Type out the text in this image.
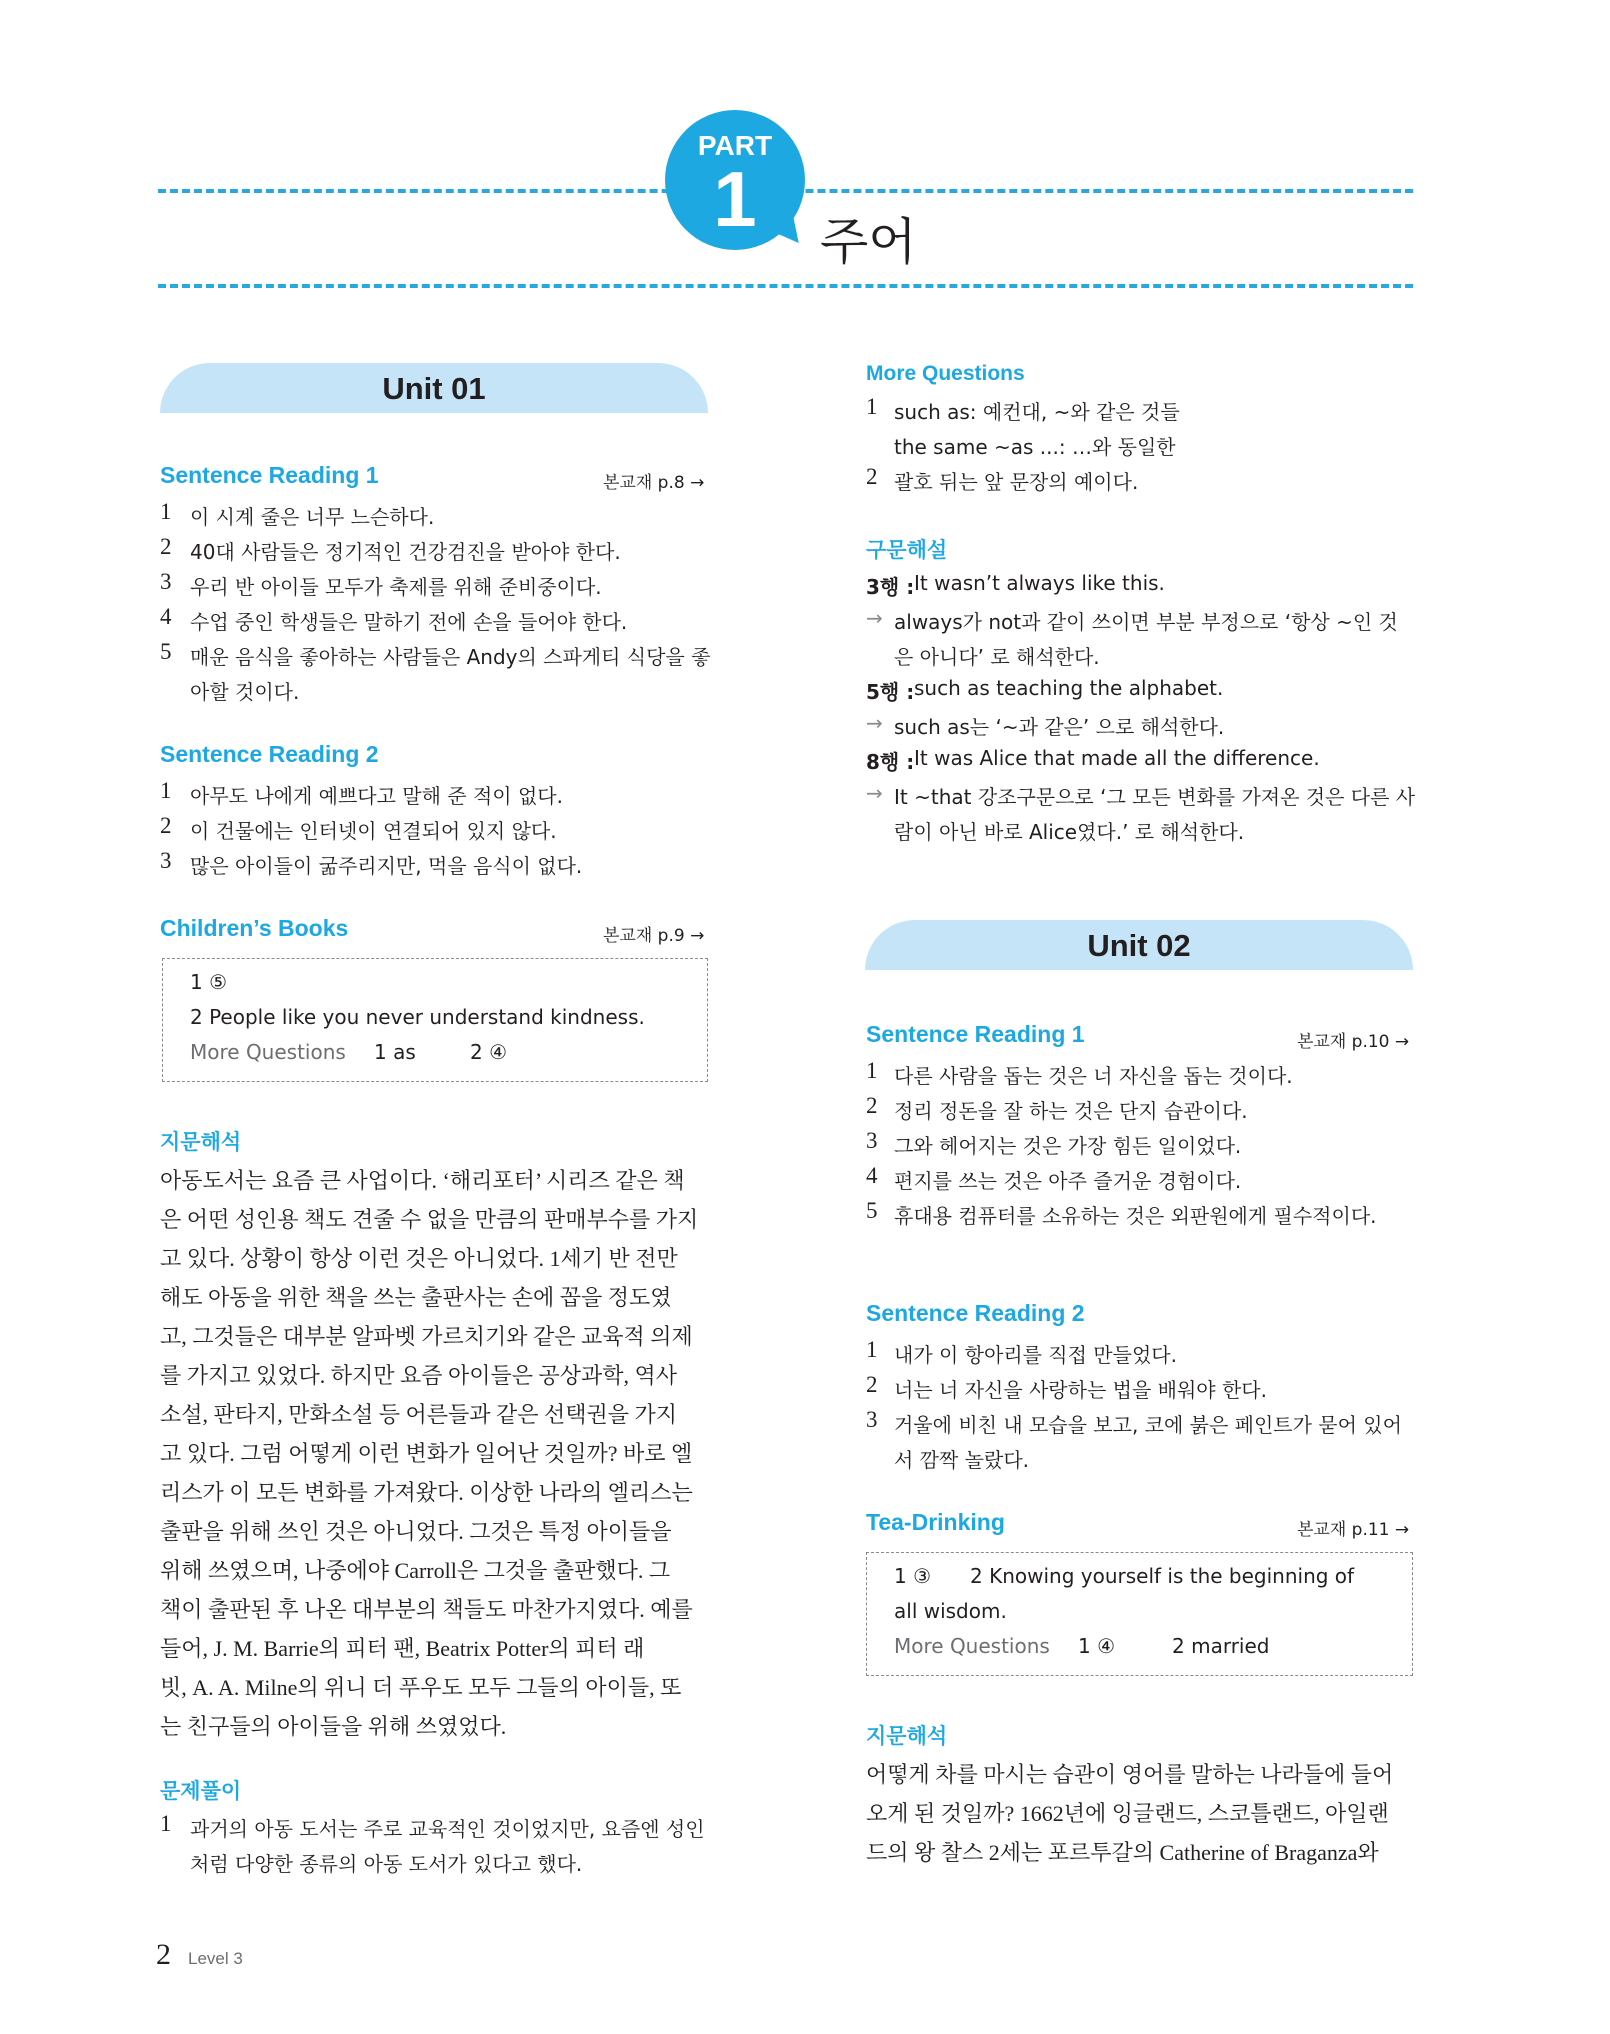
PART
1	주어
Unit 01
Sentence Reading 1	본교재 p.8 →
1 이 시계 줄은 너무 느슨하다.
2 40대 사람들은 정기적인 건강검진을 받아야 한다.
3 우리 반 아이들 모두가 축제를 위해 준비중이다.
4 수업 중인 학생들은 말하기 전에 손을 들어야 한다.
5 매운 음식을 좋아하는 사람들은 Andy의 스파게티 식당을 좋
아할 것이다.
Sentence Reading 2
1 아무도 나에게 예쁘다고 말해 준 적이 없다.
2 이 건물에는 인터넷이 연결되어 있지 않다.
3 많은 아이들이 굶주리지만, 먹을 음식이 없다.
Children’s Books	본교재 p.9 →
1 ⑤
2 People like you never understand kindness.
More Questions 1 as	2 ④
지문해석
아동도서는 요즘 큰 사업이다. ‘해리포터’ 시리즈 같은 책
은 어떤 성인용 책도 견줄 수 없을 만큼의 판매부수를 가지
고 있다. 상황이 항상 이런 것은 아니었다. 1세기 반 전만
해도 아동을 위한 책을 쓰는 출판사는 손에 꼽을 정도였
고, 그것들은 대부분 알파벳 가르치기와 같은 교육적 의제
를 가지고 있었다. 하지만 요즘 아이들은 공상과학, 역사
소설, 판타지, 만화소설 등 어른들과 같은 선택권을 가지
고 있다. 그럼 어떻게 이런 변화가 일어난 것일까? 바로 엘
리스가 이 모든 변화를 가져왔다. 이상한 나라의 엘리스는
출판을 위해 쓰인 것은 아니었다. 그것은 특정 아이들을
위해 쓰였으며, 나중에야 Carroll은 그것을 출판했다. 그
책이 출판된 후 나온 대부분의 책들도 마찬가지였다. 예를
들어, J. M. Barrie의 피터 팬, Beatrix Potter의 피터 래
빗, A. A. Milne의 위니 더 푸우도 모두 그들의 아이들, 또
는 친구들의 아이들을 위해 쓰였었다.
문제풀이
1 과거의 아동 도서는 주로 교육적인 것이었지만, 요즘엔 성인
처럼 다양한 종류의 아동 도서가 있다고 했다.
More Questions
1 such as: 예컨대, ~와 같은 것들
the same ~as ...: …와 동일한
2 괄호 뒤는 앞 문장의 예이다.
구문해설
3행 : It wasn’t always like this.
→ always가 not과 같이 쓰이면 부분 부정으로 ‘항상 ~인 것
은 아니다’ 로 해석한다.
5행 : such as teaching the alphabet.
→ such as는 ‘~과 같은’ 으로 해석한다.
8행 : It was Alice that made all the difference.
→ It ~that 강조구문으로 ‘그 모든 변화를 가져온 것은 다른 사
람이 아닌 바로 Alice였다.’ 로 해석한다.
Unit 02
Sentence Reading 1	본교재 p.10 →
1 다른 사람을 돕는 것은 너 자신을 돕는 것이다.
2 정리 정돈을 잘 하는 것은 단지 습관이다.
3 그와 헤어지는 것은 가장 힘든 일이었다.
4 편지를 쓰는 것은 아주 즐거운 경험이다.
5 휴대용 컴퓨터를 소유하는 것은 외판원에게 필수적이다.
Sentence Reading 2
1 내가 이 항아리를 직접 만들었다.
2 너는 너 자신을 사랑하는 법을 배워야 한다.
3 거울에 비친 내 모습을 보고, 코에 붉은 페인트가 묻어 있어
서 깜짝 놀랐다.
Tea-Drinking	본교재 p.11 →
1 ③ 2 Knowing yourself is the beginning of
all wisdom.
More Questions 1 ④	2 married
지문해석
어떻게 차를 마시는 습관이 영어를 말하는 나라들에 들어
오게 된 것일까? 1662년에 잉글랜드, 스코틀랜드, 아일랜
드의 왕 찰스 2세는 포르투갈의 Catherine of Braganza와
2 Level 3
